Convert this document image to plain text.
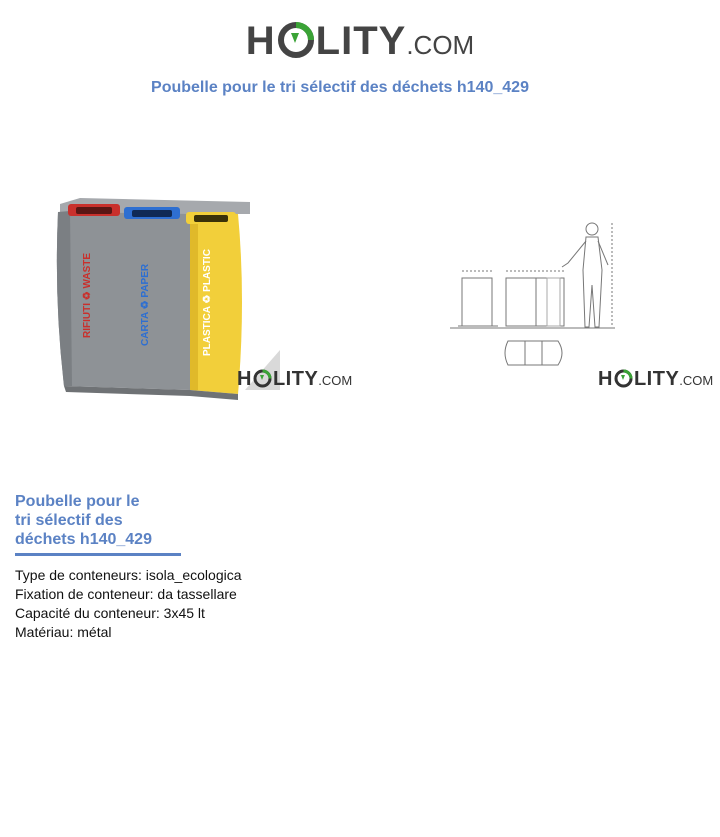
H LITY .COM
Poubelle pour le tri sélectif des déchets h140_429
RIFIUTI ♻ WASTE	CARTA ♻ PAPER	PLASTICA ♻ PLASTIC
H LITY .COM	H LITY .COM
Poubelle pour le
tri sélectif des
déchets h140_429
Type de conteneurs: isola_ecologica
Fixation de conteneur: da tassellare
Capacité du conteneur: 3x45 lt
Matériau: métal
